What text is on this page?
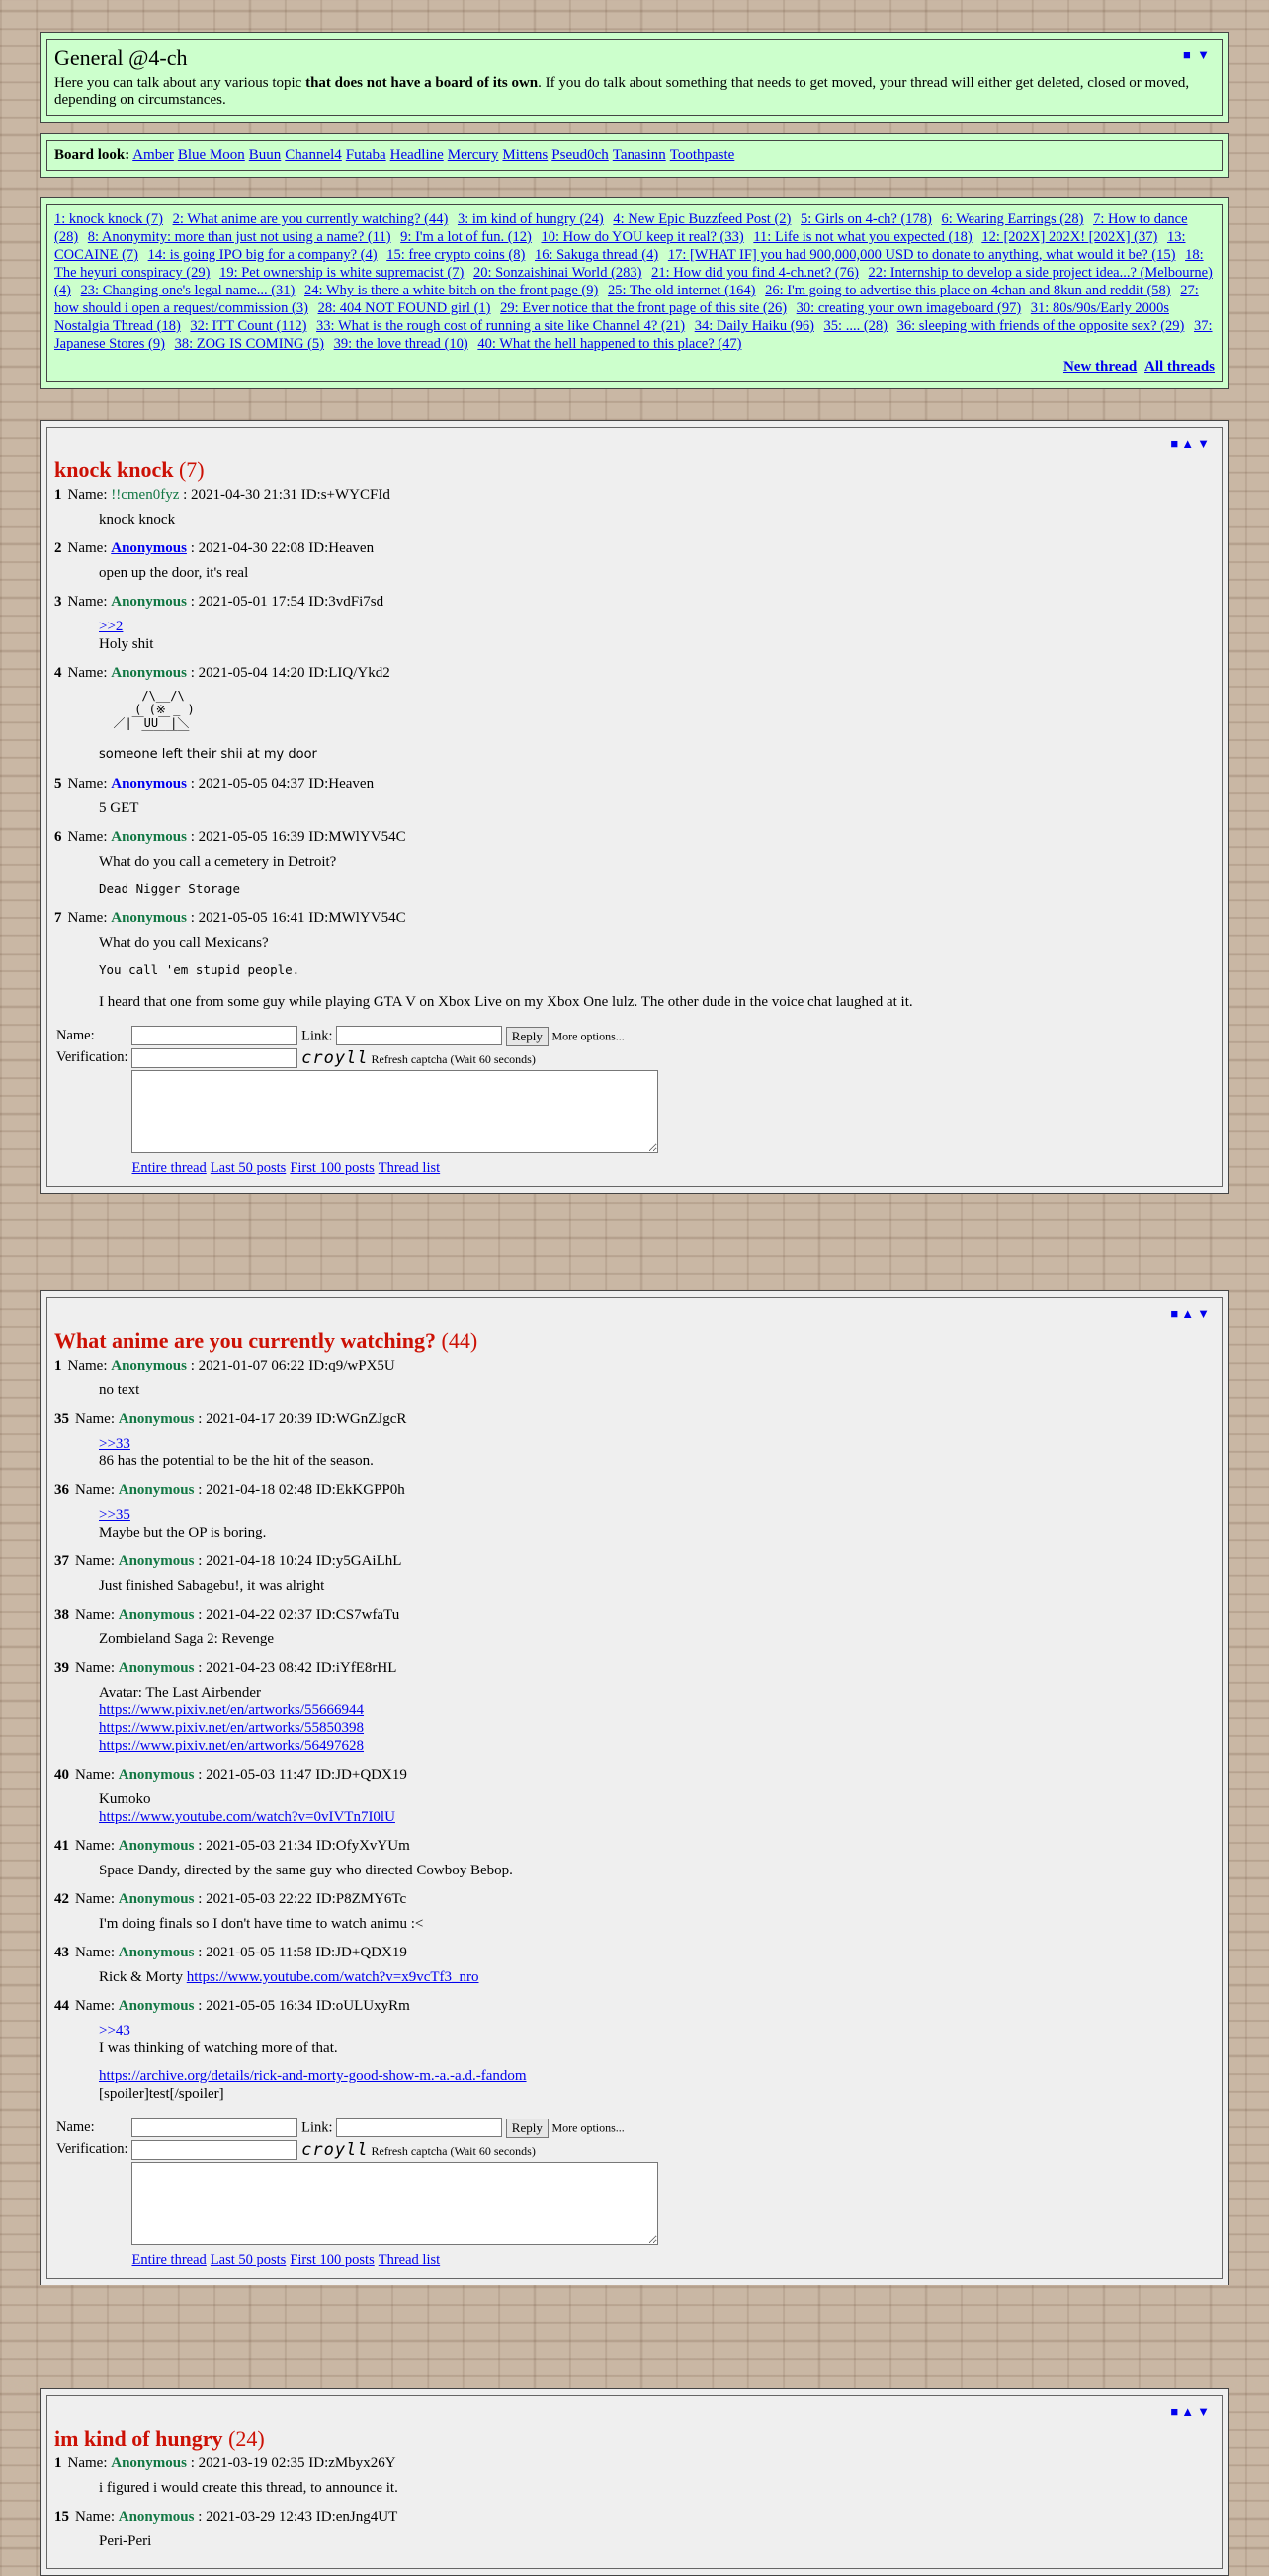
■ ▼
General @4-ch
Here you can talk about any various topic that does not have a board of its own. If you do talk about something that needs to get moved, your thread will either get deleted, closed or moved, depending on circumstances.
Board look: Amber Blue Moon Buun Channel4 Futaba Headline Mercury Mittens Pseud0ch Tanasinn Toothpaste
1: knock knock (7) 2: What anime are you currently watching? (44) 3: im kind of hungry (24) 4: New Epic Buzzfeed Post (2) 5: Girls on 4-ch? (178) 6: Wearing Earrings (28) 7: How to dance (28) 8: Anonymity: more than just not using a name? (11) 9: I'm a lot of fun. (12) 10: How do YOU keep it real? (33) 11: Life is not what you expected (18) 12: [202X] 202X! [202X] (37) 13: COCAINE (7) 14: is going IPO big for a company? (4) 15: free crypto coins (8) 16: Sakuga thread (4) 17: [WHAT IF] you had 900,000,000 USD to donate to anything, what would it be? (15) 18: The heyuri conspiracy (29) 19: Pet ownership is white supremacist (7) 20: Sonzaishinai World (283) 21: How did you find 4-ch.net? (76) 22: Internship to develop a side project idea...? (Melbourne) (4) 23: Changing one's legal name... (31) 24: Why is there a white bitch on the front page (9) 25: The old internet (164) 26: I'm going to advertise this place on 4chan and 8kun and reddit (58) 27: how should i open a request/commission (3) 28: 404 NOT FOUND girl (1) 29: Ever notice that the front page of this site (26) 30: creating your own imageboard (97) 31: 80s/90s/Early 2000s Nostalgia Thread (18) 32: ITT Count (112) 33: What is the rough cost of running a site like Channel 4? (21) 34: Daily Haiku (96) 35: .... (28) 36: sleeping with friends of the opposite sex? (29) 37: Japanese Stores (9) 38: ZOG IS COMING (5) 39: the love thread (10) 40: What the hell happened to this place? (47)
New thread All threads
■ ▲ ▼
knock knock (7)
1 Name: !!cmen0fyz : 2021-04-30 21:31 ID:s+WYCFId
knock knock
2 Name: Anonymous : 2021-04-30 22:08 ID:Heaven
open up the door, it's real
3 Name: Anonymous : 2021-05-01 17:54 ID:3vdFi7sd
>>2

Holy shit
4 Name: Anonymous : 2021-05-04 14:20 ID:LIQ/Ykd2
/\__/\
( (※ _ )
／|￣UU￣|＼
￣￣￣￣
someone left their shii at my door
5 Name: Anonymous : 2021-05-05 04:37 ID:Heaven
5 GET
6 Name: Anonymous : 2021-05-05 16:39 ID:MWlYV54C
What do you call a cemetery in Detroit?
Dead Nigger Storage
7 Name: Anonymous : 2021-05-05 16:41 ID:MWlYV54C
What do you call Mexicans?
You call 'em stupid people.
I heard that one from some guy while playing GTA V on Xbox Live on my Xbox One lulz. The other dude in the voice chat laughed at it.
Name:	Link: Reply More options...
Verification:	croyll Refresh captcha (Wait 60 seconds)

	Entire thread Last 50 posts First 100 posts Thread list
■ ▲ ▼
What anime are you currently watching? (44)
1 Name: Anonymous : 2021-01-07 06:22 ID:q9/wPX5U
no text
35 Name: Anonymous : 2021-04-17 20:39 ID:WGnZJgcR
>>33

86 has the potential to be the hit of the season.
36 Name: Anonymous : 2021-04-18 02:48 ID:EkKGPP0h
>>35

Maybe but the OP is boring.
37 Name: Anonymous : 2021-04-18 10:24 ID:y5GAiLhL
Just finished Sabagebu!, it was alright
38 Name: Anonymous : 2021-04-22 02:37 ID:CS7wfaTu
Zombieland Saga 2: Revenge
39 Name: Anonymous : 2021-04-23 08:42 ID:iYfE8rHL
Avatar: The Last Airbender
https://www.pixiv.net/en/artworks/55666944
https://www.pixiv.net/en/artworks/55850398
https://www.pixiv.net/en/artworks/56497628

40 Name: Anonymous : 2021-05-03 11:47 ID:JD+QDX19
Kumoko
https://www.youtube.com/watch?v=0vIVTn7I0lU

41 Name: Anonymous : 2021-05-03 21:34 ID:OfyXvYUm
Space Dandy, directed by the same guy who directed Cowboy Bebop.
42 Name: Anonymous : 2021-05-03 22:22 ID:P8ZMY6Tc
I'm doing finals so I don't have time to watch animu :<
43 Name: Anonymous : 2021-05-05 11:58 ID:JD+QDX19
Rick & Morty https://www.youtube.com/watch?v=x9vcTf3_nro
44 Name: Anonymous : 2021-05-05 16:34 ID:oULUxyRm
>>43

I was thinking of watching more of that.
https://archive.org/details/rick-and-morty-good-show-m.-a.-a.d.-fandom

[spoiler]test[/spoiler]
Name:	Link: Reply More options...
Verification:	croyll Refresh captcha (Wait 60 seconds)

	Entire thread Last 50 posts First 100 posts Thread list
■ ▲ ▼
im kind of hungry (24)
1 Name: Anonymous : 2021-03-19 02:35 ID:zMbyx26Y
i figured i would create this thread, to announce it.
15 Name: Anonymous : 2021-03-29 12:43 ID:enJng4UT
Peri-Peri
